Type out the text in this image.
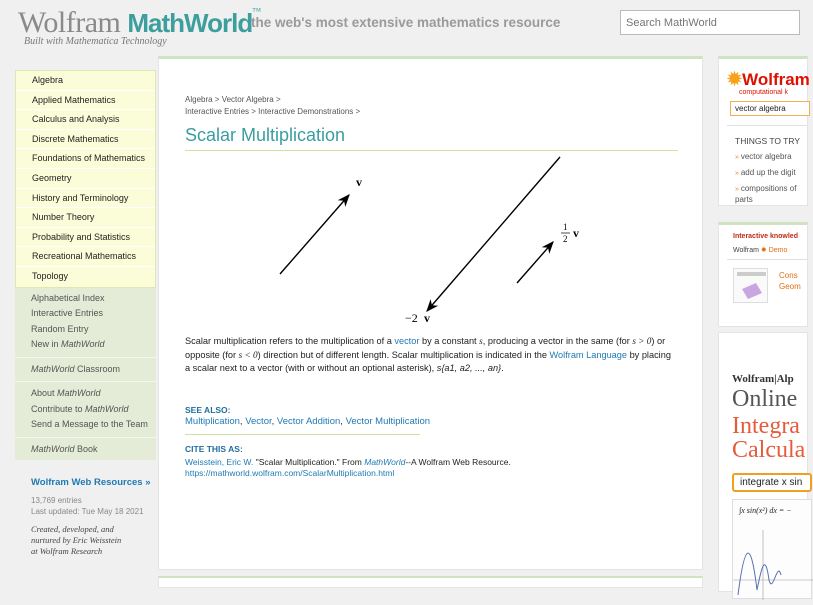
Wolfram MathWorld™
the web's most extensive mathematics resource
Built with Mathematica Technology
Search MathWorld
Algebra
Applied Mathematics
Calculus and Analysis
Discrete Mathematics
Foundations of Mathematics
Geometry
History and Terminology
Number Theory
Probability and Statistics
Recreational Mathematics
Topology
Alphabetical Index
Interactive Entries
Random Entry
New in MathWorld
MathWorld Classroom
About MathWorld
Contribute to MathWorld
Send a Message to the Team
MathWorld Book
Wolfram Web Resources »
13,769 entries
Last updated: Tue May 18 2021
Created, developed, and
nurtured by Eric Weisstein
at Wolfram Research
Algebra > Vector Algebra >
Interactive Entries > Interactive Demonstrations >
Scalar Multiplication
v
1
2 v
−2 v
Scalar multiplication refers to the multiplication of a vector by a constant s, producing a vector in the same (for s > 0) or opposite (for s < 0) direction but of different length. Scalar multiplication is indicated in the Wolfram Language by placing a scalar next to a vector (with or without an optional asterisk), s{a1, a2, ..., an}.
SEE ALSO:
Multiplication, Vector, Vector Addition, Vector Multiplication
CITE THIS AS:
Weisstein, Eric W. "Scalar Multiplication." From MathWorld--A Wolfram Web Resource.
https://mathworld.wolfram.com/ScalarMultiplication.html
✹Wolfram
computational k
vector algebra
THINGS TO TRY
» vector algebra
» add up the digit
» compositions of
parts
Interactive knowled
Wolfram ✹ Demo
Cons
Geom
Wolfram|Alp
Online
Integra
Calcula
integrate x sin
∫x sin(x²) dx = −
